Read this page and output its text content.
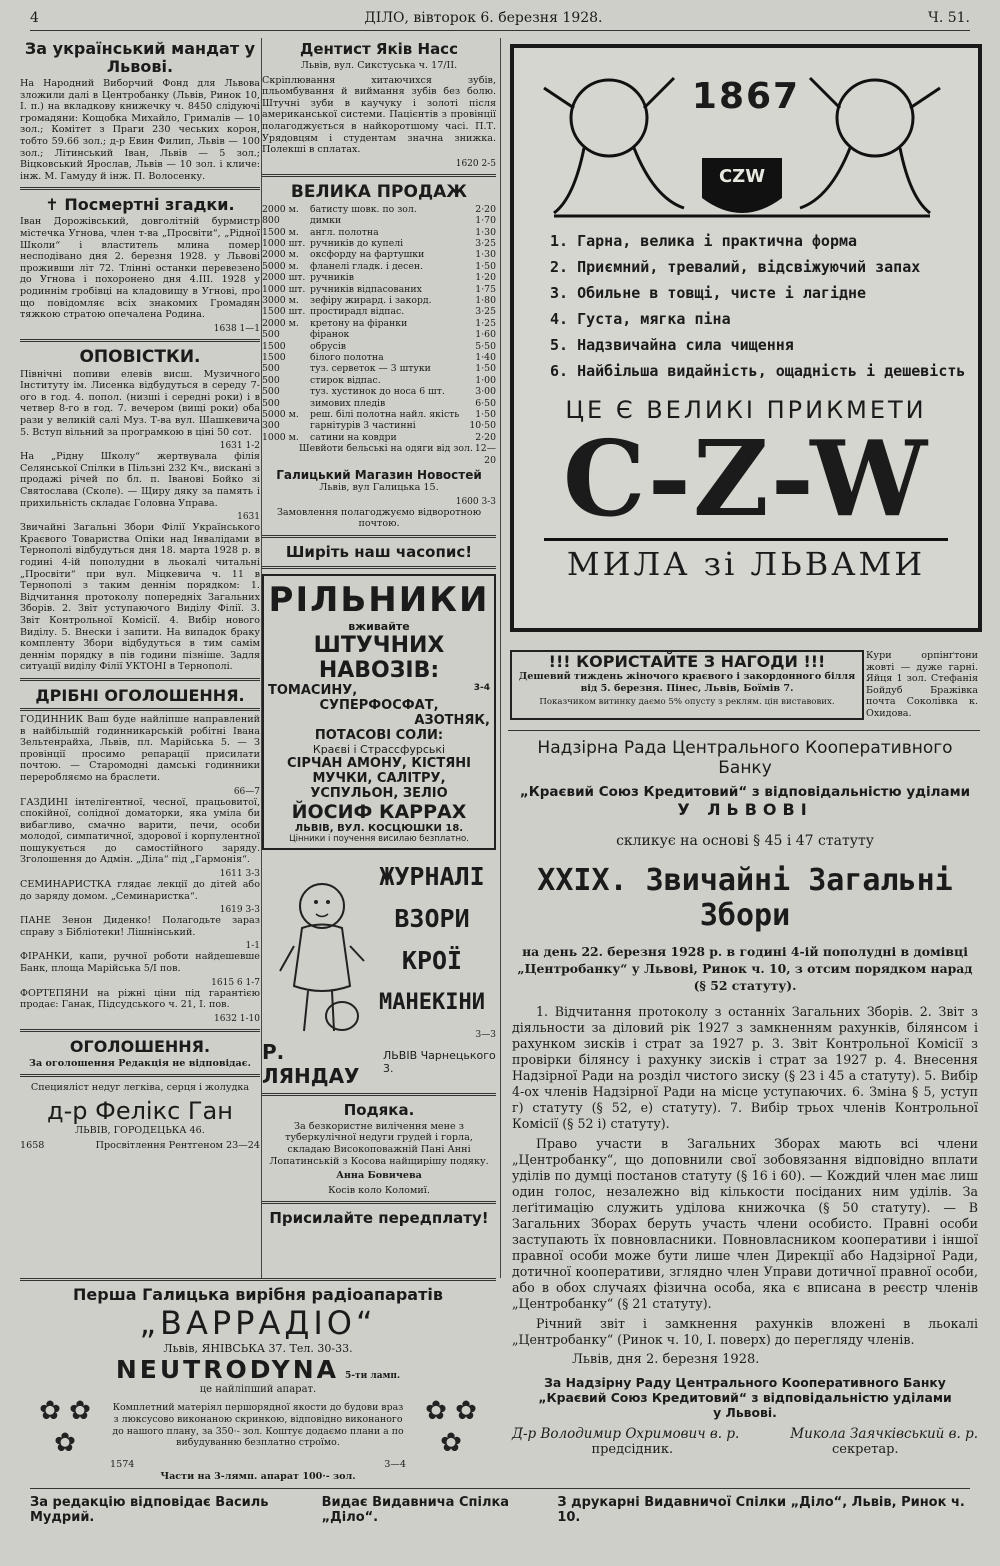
4	ДІЛО, вівторок 6. березня 1928.	Ч. 51.
За український мандат у Львові.

На Народний Виборчий Фонд для Львова зложили далі в Центробанку (Львів, Ринок 10, І. п.) на вкладкову книжечку ч. 8450 слідуючі громадяни: Кощобка Михайло, Грималів — 10 зол.; Комітет з Праги 230 чеських корон, тобто 59.66 зол.; д-р Евин Филип, Львів — 100 зол.; Літинський Іван, Львів — 5 зол.; Віцковський Ярослав, Львів — 10 зол. і кличе: інж. М. Гамуду й інж. П. Волосенку.

✝ Посмертні згадки.

Іван Дорожівський, довголітній бурмистр містечка Угнова, член т-ва „Просвіти“, „Рідної Школи“ і властитель млина помер несподівано дня 2. березня 1928. у Львові проживши літ 72. Тлінні останки перевезено до Угнова і похоронено дня 4.ІІІ. 1928 у родиннім гробівці на кладовищу в Угнові, про що повідомляє всіх знакомих Громадян тяжкою стратою опечалена Родина.

1638 1—1
ОПОВІСТКИ.

Північні попиви елевів висш. Музичного Інституту ім. Лисенка відбудуться в середу 7-ого в год. 4. попол. (низші і середні роки) і в четвер 8-го в год. 7. вечером (вищі роки) оба рази у великій салі Муз. Т-ва вул. Шашкевича 5. Вступ вільний за програмкою в ціні 50 сот.

1631 1-2

На „Рідну Школу“ жертвувала філія Селянської Спілки в Пільзні 232 Кч., вискані з продажі річей по бл. п. Іванові Бойко зі Святослава (Сколе). — Щиру дяку за память і прихильність складає Головна Управа.

1631

Звичайні Загальні Збори Філії Українського Краєвого Товариства Опіки над Інвалідами в Тернополі відбудуться дня 18. марта 1928 р. в годині 4-ій пополудни в льокалі читальні „Просвіти“ при вул. Міцкевича ч. 11 в Тернополі з таким деннім порядком: 1. Відчитання протоколу попередніх Загальних Зборів. 2. Звіт уступаючого Виділу Філії. 3. Звіт Контрольної Комісії. 4. Вибір нового Виділу. 5. Внески і запити. На випадок браку компленту Збори відбудуться в тим самім деннім порядку в пів години пізніше. Задля ситуації виділу Філії УКТОНІ в Тернополі.

ДРІБНІ ОГОЛОШЕННЯ.

ГОДИННИК Ваш буде найліпше направлений в найбільшій годинникарській робітні Івана Зельтенрайха, Львів, пл. Марійська 5. — З провінції просимо репарації присилати почтою. — Старомодні дамські годинники переробляємо на браслети.

66—7

ГАЗДИНІ інтелігентної, чесної, працьовитої, спокійної, солідної доматорки, яка уміла би вибагливо, смачно варити, печи, особи молодої, симпатичної, здорової і корпулентної пошукується до самостійного заряду. Зголошення до Адмін. „Діла“ під „Гармонія“.

1611 3-3

СЕМИНАРИСТКА глядає лекції до дітей або до заряду домом. „Семинаристка“.

1619 3-3

ПАНЕ Зенон Диденко! Полагодьте зараз справу з Бібліотеки! Лішнінський.

1-1

ФІРАНКИ, капи, ручної роботи найдешевше Банк, площа Марійська 5/I пов.

1615 6 1-7

ФОРТЕПЯНИ на ріжні ціни під гарантією продає: Ганак, Підсудського ч. 21, І. пов.

1632 1-10
ОГОЛОШЕННЯ.
За оголошення Редакція не відповідає.
Специяліст недуг легківа, серця і жолудка
д-р Фелікс Ган
ЛЬВІВ, ГОРОДЕЦЬКА 46.
1658	Просвітлення Рентгеном 23—24
Дентист Яків Насс
Львів, вул. Сикстуська ч. 17/ІІ.

Скріплювання хитаючихся зубів, пльомбування й виймання зубів без болю. Штучні зуби в каучуку і золоті після американської системи. Пацієнтів з провінції полагоджується в найкоротшому часі. П.Т. Урядовцям і студентам значна знижка. Полекші в сплатах.

1620 2-5
ВЕЛИКА ПРОДАЖ
2000 м.	батисту шовк. по зол.	2·20
800	димки	1·70
1500 м.	англ. полотна	1·30
1000 шт. ручників до купелі	3·25
2000 м.	оксфорду на фартушки	1·30
5000 м.	фланелі гладк. і десен.	1·50
2000 шт. ручників	1·20
1000 шт. ручників відпасованих	1·75
3000 м.	зефіру жирард. і закорд.	1·80
1500 шт. простирадл відпас.	3·25
2000 м.	кретону на фіранки	1·25
500	фіранок	1·60
1500	обрусів	5·50
1500	білого полотна	1·40
500	туз. серветок — 3 штуки	1·50
500	стирок відпас.	1·00
500	туз. хустинок до носа 6 шт.	3·00
500	зимових пледів	6·50
5000 м.	реш. білі полотна найл. якість	1·50
300	гарнітурів 3 частинні	10·50
1000 м.	сатини на ковдри	2·20
Шевйоти бельські на одяги від зол. 12—20
Галицький Магазин Новостей
Львів, вул Галицька 15.
1600 3-3
Замовлення полагоджуємо відворотною почтою.
Шиpiть наш часопис!
РІЛЬНИКИ
вживайте
ШТУЧНИХ НАВОЗІВ:
ТОМАСИНУ,	3-4
СУПЕРФОСФАТ,
АЗОТНЯК,
ПОТАСОВІ СОЛИ:
Краєві і Страссфурські
СІРЧАН АМОНУ, КІСТЯНІ
МУЧКИ, САЛІТРУ,
УСПУЛЬОН, ЗЕЛІО
ЙОСИФ КАРРАХ
ЛЬВІВ, ВУЛ. КОСЦЮШКИ 18.
Цінники і поучення висилаю безплатно.
ЖУРНАЛІ
ВЗОРИ
КРОЇ
МАНЕКІНИ
3—3
Р. ЛЯНДАУ
ЛЬВІВ Чарнецького 3.
Подяка.

За безкористне вилічення мене з туберкулічної недуги грудей і горла, складаю Високоповажній Пані Анні Лопатинській з Косова найщирішу подяку.

Анна Бовичева
Косів коло Коломиї.
Присилайте передплату!
Перша Галицька вирібня радіоапаратів
„ВАРРАДІО“
Львів, ЯНІВСЬКА 37. Тел. 30-33.
NEUTRODYNA 5-ти ламп.
це найліпший апарат.
✿ ✿
✿
Комплетний матеріял першорядної якости до будови враз з люксусово виконаною скринкою, відповідно виконаного до нашого плану, за 350·- зол. Коштує додаємо плани а по вибудуванню безплатно строїмо.
✿ ✿
✿
1574	3—4
Части на 3-лямп. апарат 100·- зол.
1867
CZW
1. Гарна, велика і практична форма
2. Приємний, тревалий, відсвіжуючий запах
3. Обильне в товщі, чисте і лагідне
4. Густа, мягка піна
5. Надзвичайна сила чищення
6. Найбільша видайність, ощадність і дешевість
ЦЕ Є ВЕЛИКІ ПРИКМЕТИ
C-Z-W
МИЛА зі ЛЬВАМИ
!!! КОРИСТАЙТЕ З НАГОДИ !!!
Дешевий тиждень жіночого краєвого і закордонного білля від 5. березня. Пінес, Львів, Боїмів 7.
Показчиком витинку даємо 5% опусту з реклям. цін виставових.
Кури орпінґтони жовті — дуже гарні. Яйця 1 зол. Стефанія Бойдуб Бражівка почта Соколівка к. Охидова.
Надзірна Рада Центрального Кооперативного Банку
„Краєвий Союз Кредитовий“ з відповідальністю уділами
У ЛЬВОВІ
скликує на основі § 45 і 47 статуту
XXIX. Звичайні Загальні Збори
на день 22. березня 1928 р. в годині 4-ій пополудні в домівці „Центробанку“ у Львові, Ринок ч. 10, з отсим порядком нарад (§ 52 статуту).

1. Відчитання протоколу з останніх Загальних Зборів. 2. Звіт з діяльности за діловий рік 1927 з замкненням рахунків, білянсом і рахунком зисків і страт за 1927 р. 3. Звіт Контрольної Комісії з провірки білянсу і рахунку зисків і страт за 1927 р. 4. Внесення Надзірної Ради на розділ чистого зиску (§ 23 і 45 а статуту). 5. Вибір 4-ох членів Надзірної Ради на місце уступаючих. 6. Зміна § 5, уступ г) статуту (§ 52, е) статуту). 7. Вибір трьох членів Контрольної Комісії (§ 52 і) статуту).

Право участи в Загальних Зборах мають всі члени „Центробанку“, що доповнили свої зобовязання відповідно вплати уділів по думці постанов статуту (§ 16 і 60). — Кождий член має лиш один голос, незалежно від кількости посіданих ним уділів. За леґітимацію служить уділова книжочка (§ 50 статуту). — В Загальних Зборах беруть участь члени особисто. Правні особи заступають їх повновласники. Повновласником кооперативи і іншої правної особи може бути лише член Дирекції або Надзірної Ради, дотичної кооперативи, зглядно член Управи дотичної правної особи, або в обох случаях фізична особа, яка є вписана в реєстр членів „Центробанку“ (§ 21 статуту).

Річний звіт і замкнення рахунків вложені в льокалі „Центробанку“ (Ринок ч. 10, І. поверх) до перегляду членів.

Львів, дня 2. березня 1928.
За Надзірну Раду Центрального Кооперативного Банку
„Краєвий Союз Кредитовий“ з відповідальністю уділами
у Львові.
Д-р Володимир Охримович в. р.	Микола Заячківський в. р.
предсідник.	секретар.
За редакцію відповідає Василь Мудрий.
Видає Видавнича Спілка „Діло“.
З друкарні Видавничої Спілки „Діло“, Львів, Ринок ч. 10.
